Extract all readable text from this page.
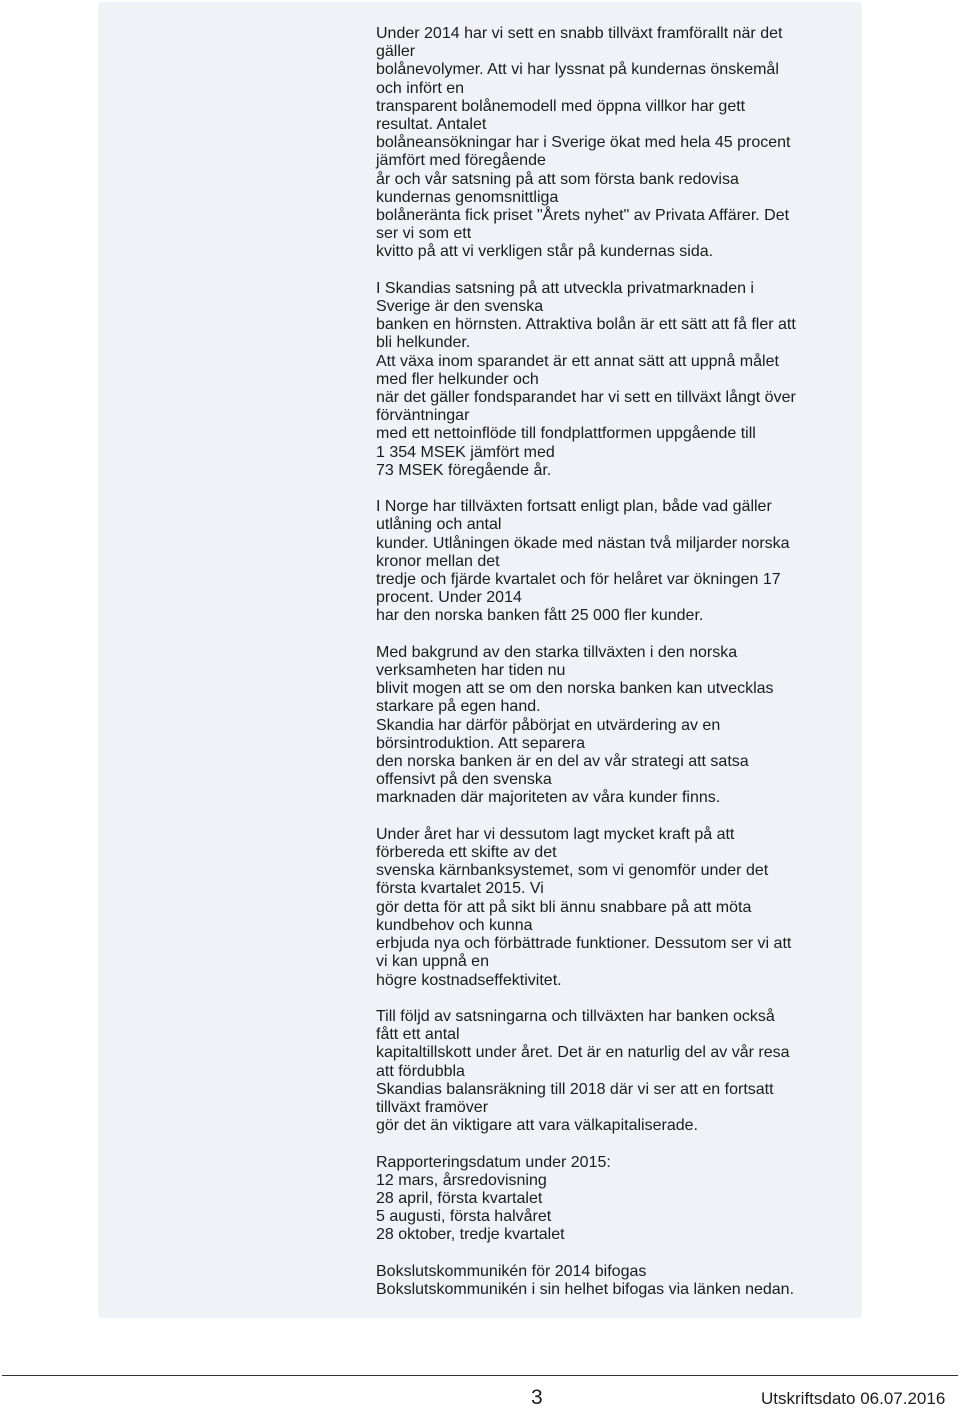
Under 2014 har vi sett en snabb tillväxt framförallt när det
gäller
bolånevolymer. Att vi har lyssnat på kundernas önskemål
och infört en
transparent bolånemodell med öppna villkor har gett
resultat. Antalet
bolåneansökningar har i Sverige ökat med hela 45 procent
jämfört med föregående
år och vår satsning på att som första bank redovisa
kundernas genomsnittliga
bolåneränta fick priset "Årets nyhet" av Privata Affärer. Det
ser vi som ett
kvitto på att vi verkligen står på kundernas sida.
I Skandias satsning på att utveckla privatmarknaden i
Sverige är den svenska
banken en hörnsten. Attraktiva bolån är ett sätt att få fler att
bli helkunder.
Att växa inom sparandet är ett annat sätt att uppnå målet
med fler helkunder och
när det gäller fondsparandet har vi sett en tillväxt långt över
förväntningar
med ett nettoinflöde till fondplattformen uppgående till
1 354 MSEK jämfört med
73 MSEK föregående år.
I Norge har tillväxten fortsatt enligt plan, både vad gäller
utlåning och antal
kunder. Utlåningen ökade med nästan två miljarder norska
kronor mellan det
tredje och fjärde kvartalet och för helåret var ökningen 17
procent. Under 2014
har den norska banken fått 25 000 fler kunder.
Med bakgrund av den starka tillväxten i den norska
verksamheten har tiden nu
blivit mogen att se om den norska banken kan utvecklas
starkare på egen hand.
Skandia har därför påbörjat en utvärdering av en
börsintroduktion. Att separera
den norska banken är en del av vår strategi att satsa
offensivt på den svenska
marknaden där majoriteten av våra kunder finns.
Under året har vi dessutom lagt mycket kraft på att
förbereda ett skifte av det
svenska kärnbanksystemet, som vi genomför under det
första kvartalet 2015. Vi
gör detta för att på sikt bli ännu snabbare på att möta
kundbehov och kunna
erbjuda nya och förbättrade funktioner. Dessutom ser vi att
vi kan uppnå en
högre kostnadseffektivitet.
Till följd av satsningarna och tillväxten har banken också
fått ett antal
kapitaltillskott under året. Det är en naturlig del av vår resa
att fördubbla
Skandias balansräkning till 2018 där vi ser att en fortsatt
tillväxt framöver
gör det än viktigare att vara välkapitaliserade.
Rapporteringsdatum under 2015:
12 mars, årsredovisning
28 april, första kvartalet
5 augusti, första halvåret
28 oktober, tredje kvartalet
Bokslutskommunikén för 2014 bifogas
Bokslutskommunikén i sin helhet bifogas via länken nedan.
3	Utskriftsdato 06.07.2016
